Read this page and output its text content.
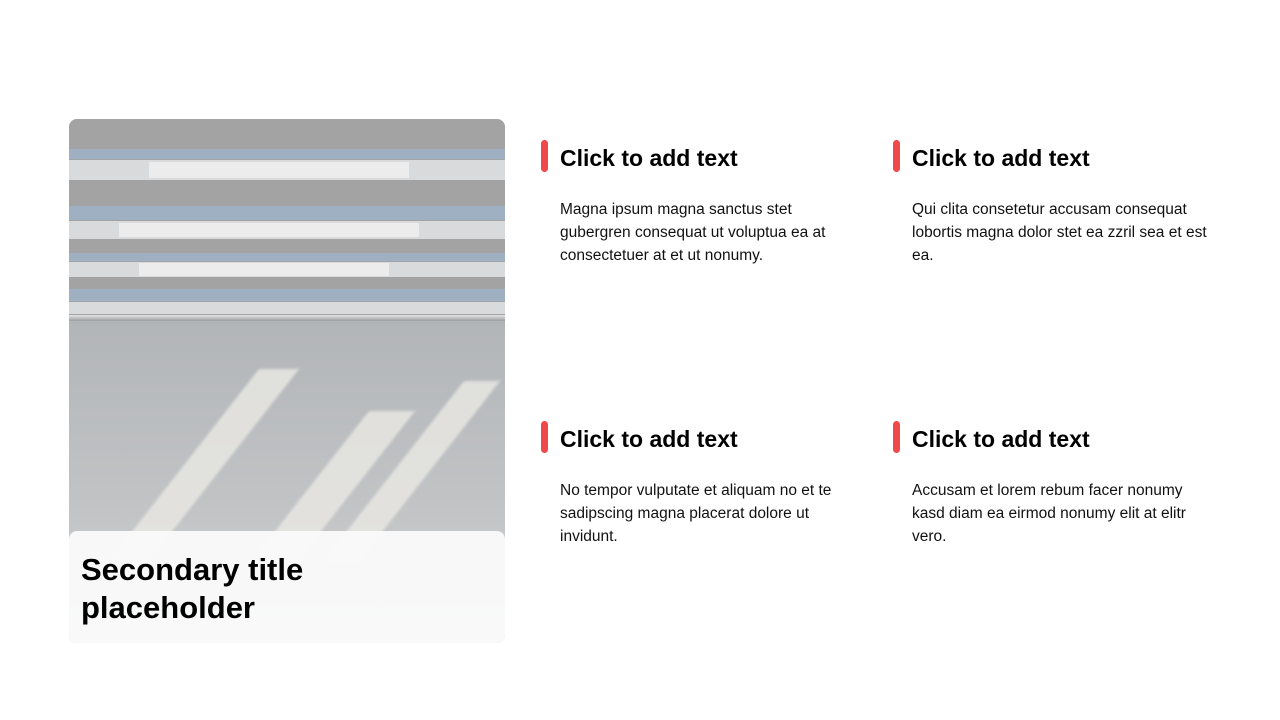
Secondary title placeholder
Click to add text
Magna ipsum magna sanctus stet gubergren consequat ut voluptua ea at consectetuer at et ut nonumy.
Click to add text
Qui clita consetetur accusam consequat lobortis magna dolor stet ea zzril sea et est ea.
Click to add text
No tempor vulputate et aliquam no et te sadipscing magna placerat dolore ut invidunt.
Click to add text
Accusam et lorem rebum facer nonumy kasd diam ea eirmod nonumy elit at elitr vero.
